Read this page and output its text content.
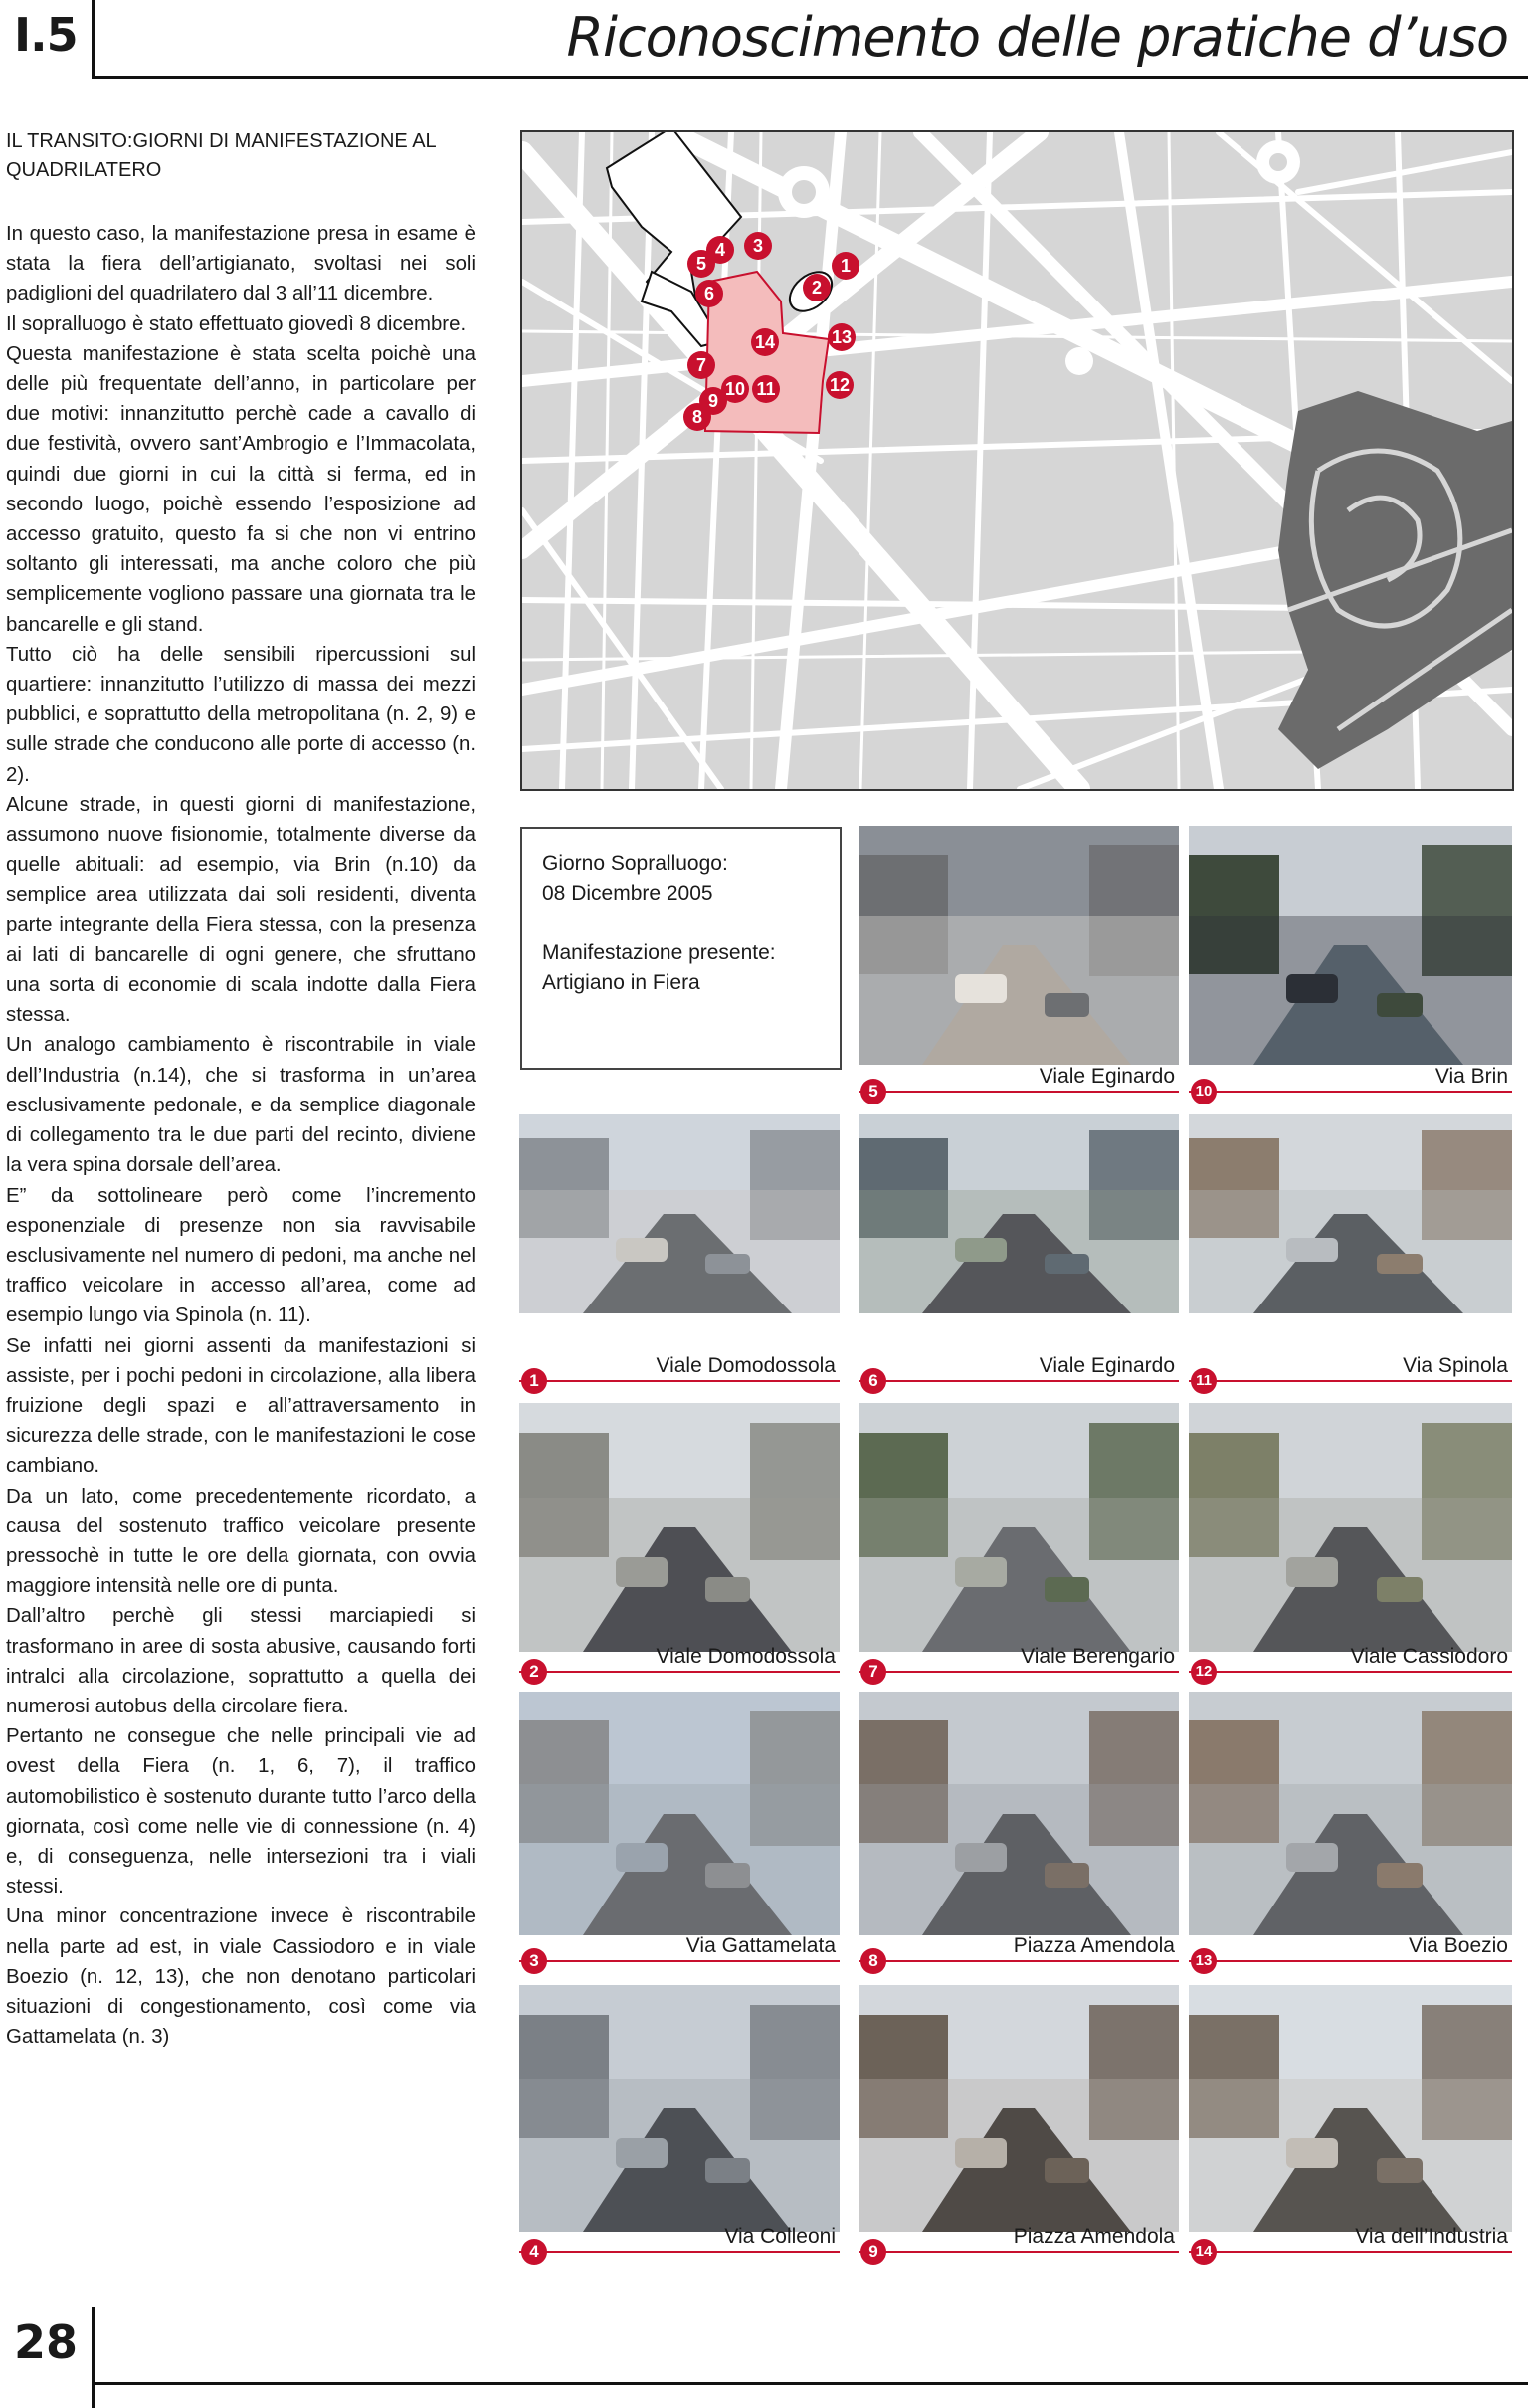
I.5	Riconoscimento delle pratiche d’uso
IL TRANSITO:GIORNI DI MANIFESTAZIONE AL QUADRILATERO

In questo caso, la manifestazione presa in esame è stata la fiera dell’artigianato, svoltasi nei soli padiglioni del quadrilatero dal 3 all’11 dicembre.

Il sopralluogo è stato effettuato giovedì 8 dicembre.

Questa manifestazione è stata scelta poichè una delle più frequentate dell’anno, in particolare per due motivi: innanzitutto perchè cade a cavallo di due festività, ovvero sant’Ambrogio e l’Immacolata, quindi due giorni in cui la città si ferma, ed in secondo luogo, poichè essendo l’esposizione ad accesso gratuito, questo fa si che non vi entrino soltanto gli interessati, ma anche coloro che più semplicemente vogliono passare una giornata tra le bancarelle e gli stand.

Tutto ciò ha delle sensibili ripercussioni sul quartiere: innanzitutto l’utilizzo di massa dei mezzi pubblici, e soprattutto della metropolitana (n. 2, 9) e sulle strade che conducono alle porte di accesso (n. 2).

Alcune strade, in questi giorni di manifestazione, assumono nuove fisionomie, totalmente diverse da quelle abituali: ad esempio, via Brin (n.10) da semplice area utilizzata dai soli residenti, diventa parte integrante della Fiera stessa, con la presenza ai lati di bancarelle di ogni genere, che sfruttano una sorta di economie di scala indotte dalla Fiera stessa.

Un analogo cambiamento è riscontrabile in viale dell’Industria (n.14), che si trasforma in un’area esclusivamente pedonale, e da semplice diagonale di collegamento tra le due parti del recinto, diviene la vera spina dorsale dell’area.

E” da sottolineare però come l’incremento esponenziale di presenze non sia ravvisabile esclusivamente nel numero di pedoni, ma anche nel traffico veicolare in accesso all’area, come ad esempio lungo via Spinola (n. 11).

Se infatti nei giorni assenti da manifestazioni si assiste, per i pochi pedoni in circolazione, alla libera fruizione degli spazi e all’attraversamento in sicurezza delle strade, con le manifestazioni le cose cambiano.

Da un lato, come precedentemente ricordato, a causa del sostenuto traffico veicolare presente pressochè in tutte le ore della giornata, con ovvia maggiore intensità nelle ore di punta.

Dall’altro perchè gli stessi marciapiedi si trasformano in aree di sosta abusive, causando forti intralci alla circolazione, soprattutto a quella dei numerosi autobus della circolare fiera.

Pertanto ne consegue che nelle principali vie ad ovest della Fiera (n. 1, 6, 7), il traffico automobilistico è sostenuto durante tutto l’arco della giornata, così come nelle vie di connessione (n. 4) e, di conseguenza, nelle intersezioni tra i viali stessi.

Una minor concentrazione invece è riscontrabile nella parte ad est, in viale Cassiodoro e in viale Boezio (n. 12, 13), che non denotano particolari situazioni di congestionamento, così come via Gattamelata (n. 3)

1
2
3
4
5
6
7
8
9
10 11	12
13
14

Giorno Sopralluogo:
08 Dicembre 2005

Manifestazione presente:
Artigiano in Fiera

Viale Eginardo
5
Via Brin
10
Viale Domodossola
1
Viale Eginardo
6
Via Spinola
11
Viale Domodossola
2
Viale Berengario
7
Viale Cassiodoro
12
Via Gattamelata
3
Piazza Amendola
8
Via Boezio
13
Via Colleoni
4
Piazza Amendola
9
Via dell’Industria
14
28
